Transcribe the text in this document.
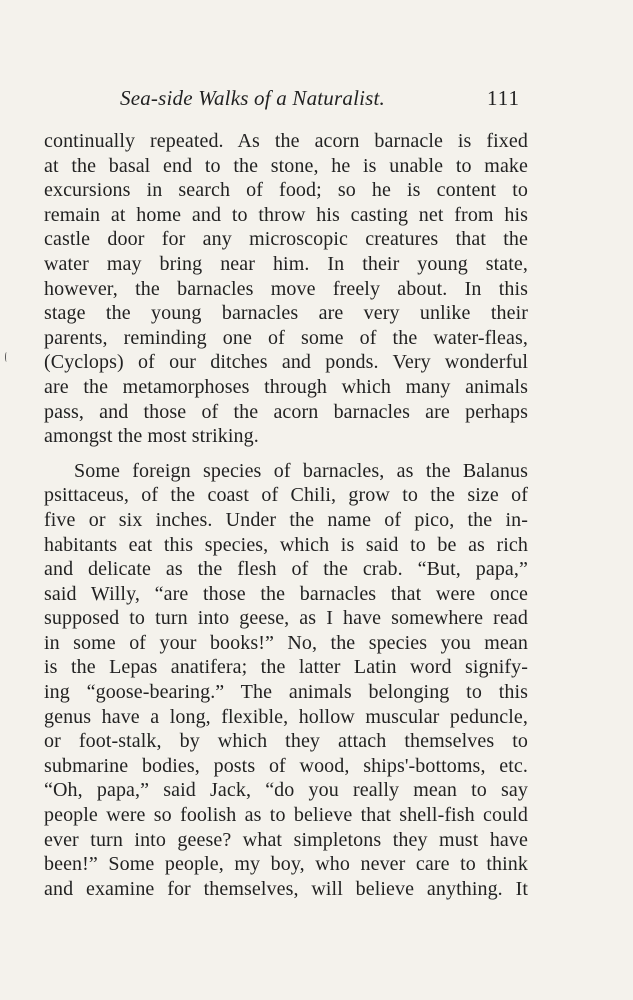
Sea-side Walks of a Naturalist.	111
continually repeated. As the acorn barnacle is fixed
at the basal end to the stone, he is unable to make
excursions in search of food; so he is content to
remain at home and to throw his casting net from his
castle door for any microscopic creatures that the
water may bring near him. In their young state,
however, the barnacles move freely about. In this
stage the young barnacles are very unlike their
parents, reminding one of some of the water-fleas,
(Cyclops) of our ditches and ponds. Very wonderful
are the metamorphoses through which many animals
pass, and those of the acorn barnacles are perhaps
amongst the most striking.
Some foreign species of barnacles, as the Balanus
psittaceus, of the coast of Chili, grow to the size of
five or six inches. Under the name of pico, the in-
habitants eat this species, which is said to be as rich
and delicate as the flesh of the crab. “But, papa,”
said Willy, “are those the barnacles that were once
supposed to turn into geese, as I have somewhere read
in some of your books!” No, the species you mean
is the Lepas anatifera; the latter Latin word signify-
ing “goose-bearing.” The animals belonging to this
genus have a long, flexible, hollow muscular peduncle,
or foot-stalk, by which they attach themselves to
submarine bodies, posts of wood, ships'-bottoms, etc.
“Oh, papa,” said Jack, “do you really mean to say
people were so foolish as to believe that shell-fish could
ever turn into geese? what simpletons they must have
been!” Some people, my boy, who never care to think
and examine for themselves, will believe anything. It
